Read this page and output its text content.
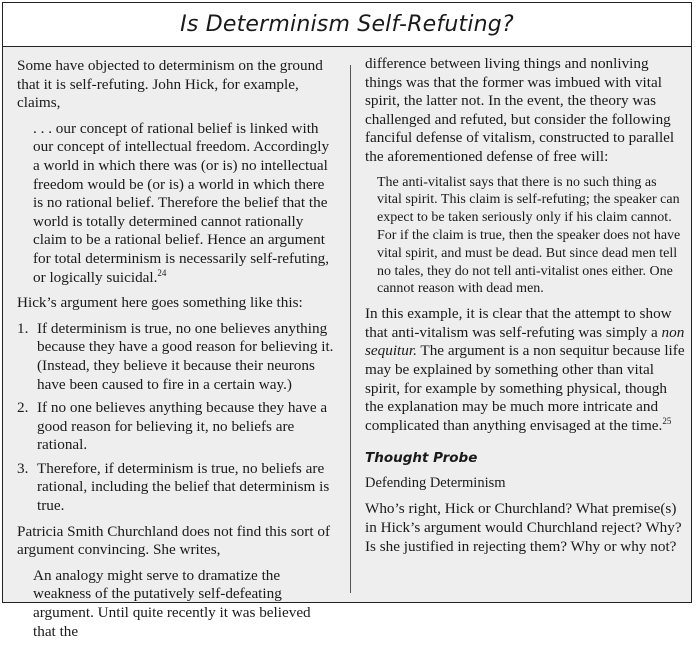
Is Determinism Self-Refuting?

Some have objected to determinism on the ground that it is self-refuting. John Hick, for example, claims,

. . . our concept of rational belief is linked with our concept of intellectual freedom. Accordingly a world in which there was (or is) no intellectual freedom would be (or is) a world in which there is no rational belief. Therefore the belief that the world is totally determined cannot rationally claim to be a rational belief. Hence an argument for total determinism is necessarily self-refuting, or logically suicidal.$^{24}$

Hick’s argument here goes something like this:

1. If determinism is true, no one believes anything because they have a good reason for believing it. (Instead, they believe it because their neurons have been caused to fire in a certain way.)
2. If no one believes anything because they have a good reason for believing it, no beliefs are rational.
3. Therefore, if determinism is true, no beliefs are rational, including the belief that determinism is true.

Patricia Smith Churchland does not find this sort of argument convincing. She writes,

An analogy might serve to dramatize the weakness of the putatively self-defeating argument. Until quite recently it was believed that the

difference between living things and nonliving things was that the former was imbued with vital spirit, the latter not. In the event, the theory was challenged and refuted, but consider the following fanciful defense of vitalism, constructed to parallel the aforementioned defense of free will:

The anti-vitalist says that there is no such thing as vital spirit. This claim is self-refuting; the speaker can expect to be taken seriously only if his claim cannot. For if the claim is true, then the speaker does not have vital spirit, and must be dead. But since dead men tell no tales, they do not tell anti-vitalist ones either. One cannot reason with dead men.

In this example, it is clear that the attempt to show that anti-vitalism was self-refuting was simply a non sequitur. The argument is a non sequitur because life may be explained by something other than vital spirit, for example by something physical, though the explanation may be much more intricate and complicated than anything envisaged at the time.$^{25}$

Thought Probe
Defending Determinism

Who’s right, Hick or Churchland? What premise(s) in Hick’s argument would Churchland reject? Why? Is she justified in rejecting them? Why or why not?
